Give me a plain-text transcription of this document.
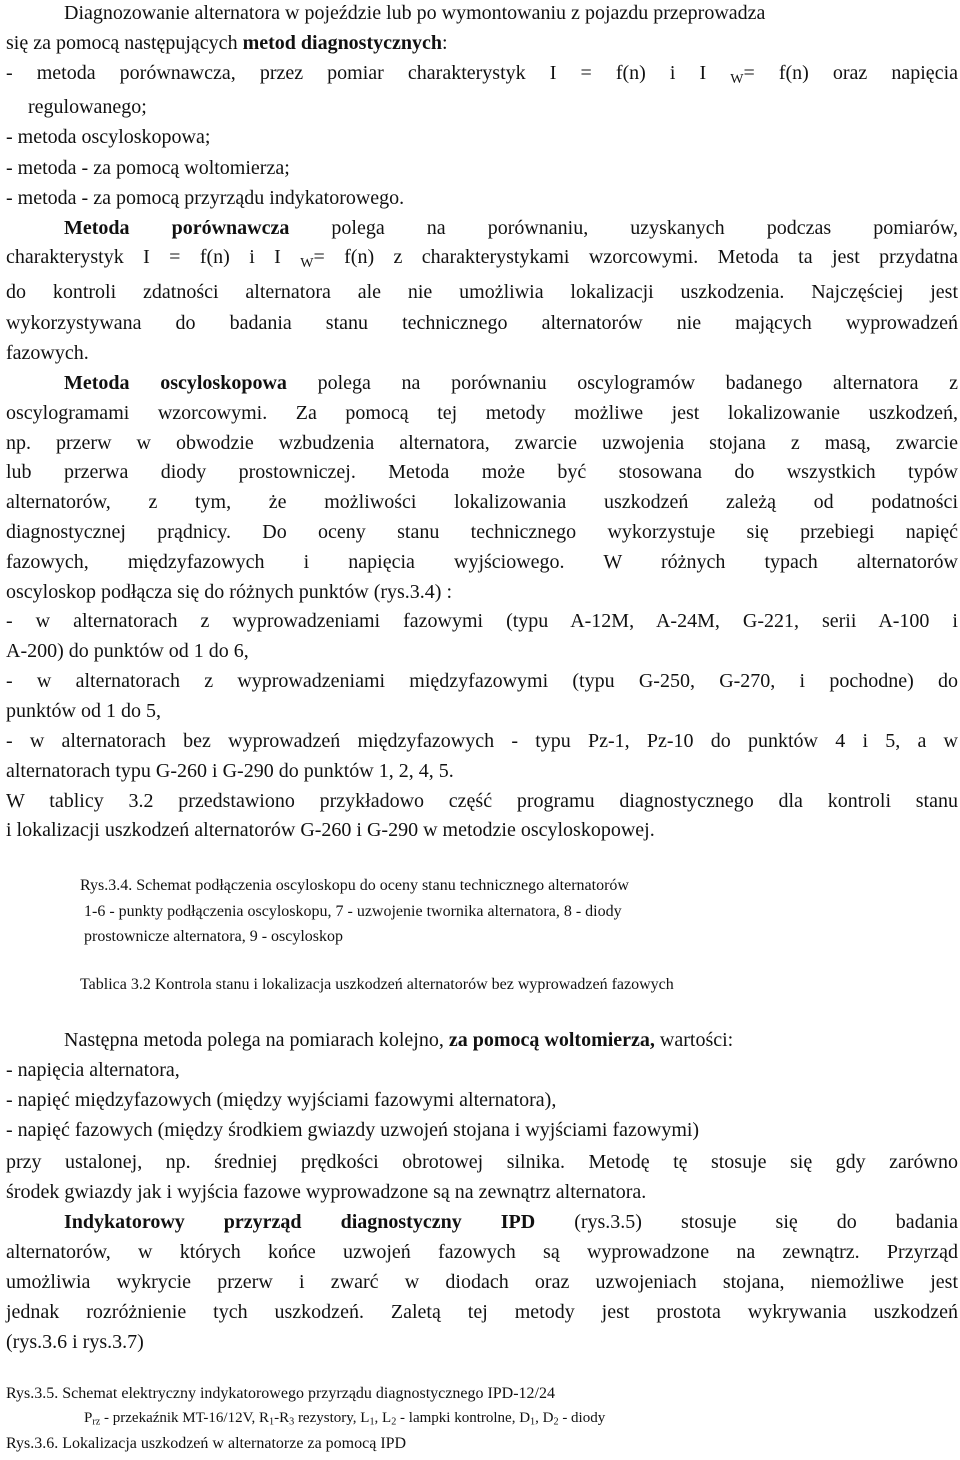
Diagnozowanie alternatora w pojeździe lub po wymontowaniu z pojazdu przeprowadza
się za pomocą następujących metod diagnostycznych:
- metoda porównawcza, przez pomiar charakterystyk I = f(n) i I $_W$= f(n) oraz napięcia
regulowanego;
- metoda oscyloskopowa;
- metoda - za pomocą woltomierza;
- metoda - za pomocą przyrządu indykatorowego.
Metoda porównawcza polega na porównaniu, uzyskanych podczas pomiarów,
charakterystyk I = f(n) i I $_W$= f(n) z charakterystykami wzorcowymi. Metoda ta jest przydatna
do kontroli zdatności alternatora ale nie umożliwia lokalizacji uszkodzenia. Najczęściej jest
wykorzystywana do badania stanu technicznego alternatorów nie mających wyprowadzeń
fazowych.
Metoda oscyloskopowa polega na porównaniu oscylogramów badanego alternatora z
oscylogramami wzorcowymi. Za pomocą tej metody możliwe jest lokalizowanie uszkodzeń,
np. przerw w obwodzie wzbudzenia alternatora, zwarcie uzwojenia stojana z masą, zwarcie
lub przerwa diody prostowniczej. Metoda może być stosowana do wszystkich typów
alternatorów, z tym, że możliwości lokalizowania uszkodzeń zależą od podatności
diagnostycznej prądnicy. Do oceny stanu technicznego wykorzystuje się przebiegi napięć
fazowych, międzyfazowych i napięcia wyjściowego. W różnych typach alternatorów
oscyloskop podłącza się do różnych punktów (rys.3.4) :
- w alternatorach z wyprowadzeniami fazowymi (typu A-12M, A-24M, G-221, serii A-100 i
A-200) do punktów od 1 do 6,
- w alternatorach z wyprowadzeniami międzyfazowymi (typu G-250, G-270, i pochodne) do
punktów od 1 do 5,
- w alternatorach bez wyprowadzeń międzyfazowych - typu Pz-1, Pz-10 do punktów 4 i 5, a w
alternatorach typu G-260 i G-290 do punktów 1, 2, 4, 5.
W tablicy 3.2 przedstawiono przykładowo część programu diagnostycznego dla kontroli stanu
i lokalizacji uszkodzeń alternatorów G-260 i G-290 w metodzie oscyloskopowej.
Rys.3.4. Schemat podłączenia oscyloskopu do oceny stanu technicznego alternatorów
1-6 - punkty podłączenia oscyloskopu, 7 - uzwojenie twornika alternatora, 8 - diody
prostownicze alternatora, 9 - oscyloskop
Tablica 3.2 Kontrola stanu i lokalizacja uszkodzeń alternatorów bez wyprowadzeń fazowych
Następna metoda polega na pomiarach kolejno, za pomocą woltomierza, wartości:
- napięcia alternatora,
- napięć międzyfazowych (między wyjściami fazowymi alternatora),
- napięć fazowych (między środkiem gwiazdy uzwojeń stojana i wyjściami fazowymi)
przy ustalonej, np. średniej prędkości obrotowej silnika. Metodę tę stosuje się gdy zarówno
środek gwiazdy jak i wyjścia fazowe wyprowadzone są na zewnątrz alternatora.
Indykatorowy przyrząd diagnostyczny IPD (rys.3.5) stosuje się do badania
alternatorów, w których końce uzwojeń fazowych są wyprowadzone na zewnątrz. Przyrząd
umożliwia wykrycie przerw i zwarć w diodach oraz uzwojeniach stojana, niemożliwe jest
jednak rozróżnienie tych uszkodzeń. Zaletą tej metody jest prostota wykrywania uszkodzeń
(rys.3.6 i rys.3.7)
Rys.3.5. Schemat elektryczny indykatorowego przyrządu diagnostycznego IPD-12/24
Prz - przekaźnik MT-16/12V, R1-R3 rezystory, L1, L2 - lampki kontrolne, D1, D2 - diody
Rys.3.6. Lokalizacja uszkodzeń w alternatorze za pomocą IPD
